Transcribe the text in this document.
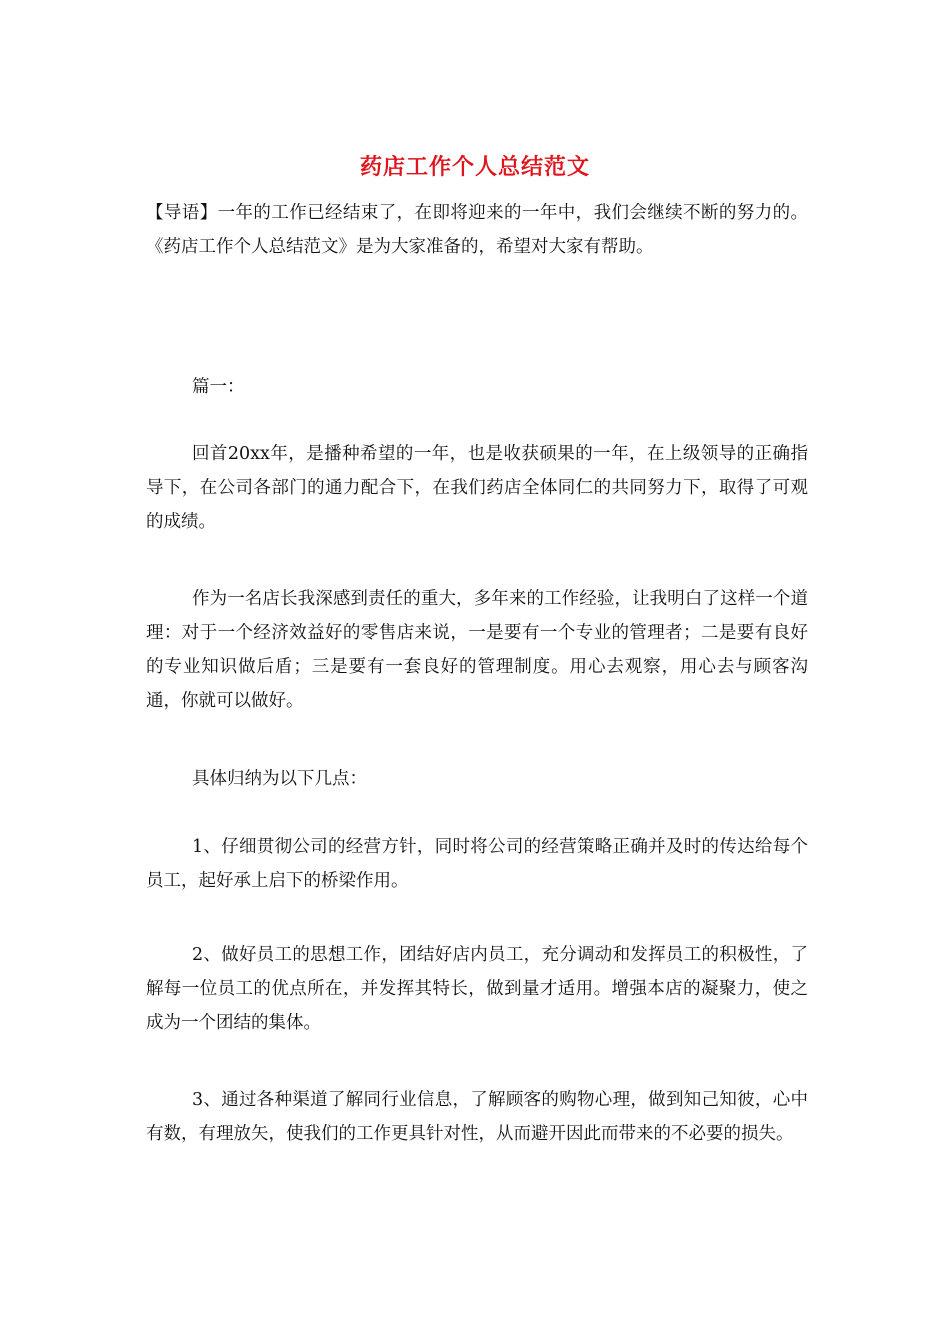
药店工作个人总结范文
【导语】一年的工作已经结束了，在即将迎来的一年中，我们会继续不断的努力的。《药店工作个人总结范文》是为大家准备的，希望对大家有帮助。
篇一：
回首20xx年，是播种希望的一年，也是收获硕果的一年，在上级领导的正确指导下，在公司各部门的通力配合下，在我们药店全体同仁的共同努力下，取得了可观的成绩。
作为一名店长我深感到责任的重大，多年来的工作经验，让我明白了这样一个道理：对于一个经济效益好的零售店来说，一是要有一个专业的管理者；二是要有良好的专业知识做后盾；三是要有一套良好的管理制度。用心去观察，用心去与顾客沟通，你就可以做好。
具体归纳为以下几点：
1、仔细贯彻公司的经营方针，同时将公司的经营策略正确并及时的传达给每个员工，起好承上启下的桥梁作用。
2、做好员工的思想工作，团结好店内员工，充分调动和发挥员工的积极性，了解每一位员工的优点所在，并发挥其特长，做到量才适用。增强本店的凝聚力，使之成为一个团结的集体。
3、通过各种渠道了解同行业信息，了解顾客的购物心理，做到知己知彼，心中有数，有理放矢，使我们的工作更具针对性，从而避开因此而带来的不必要的损失。
